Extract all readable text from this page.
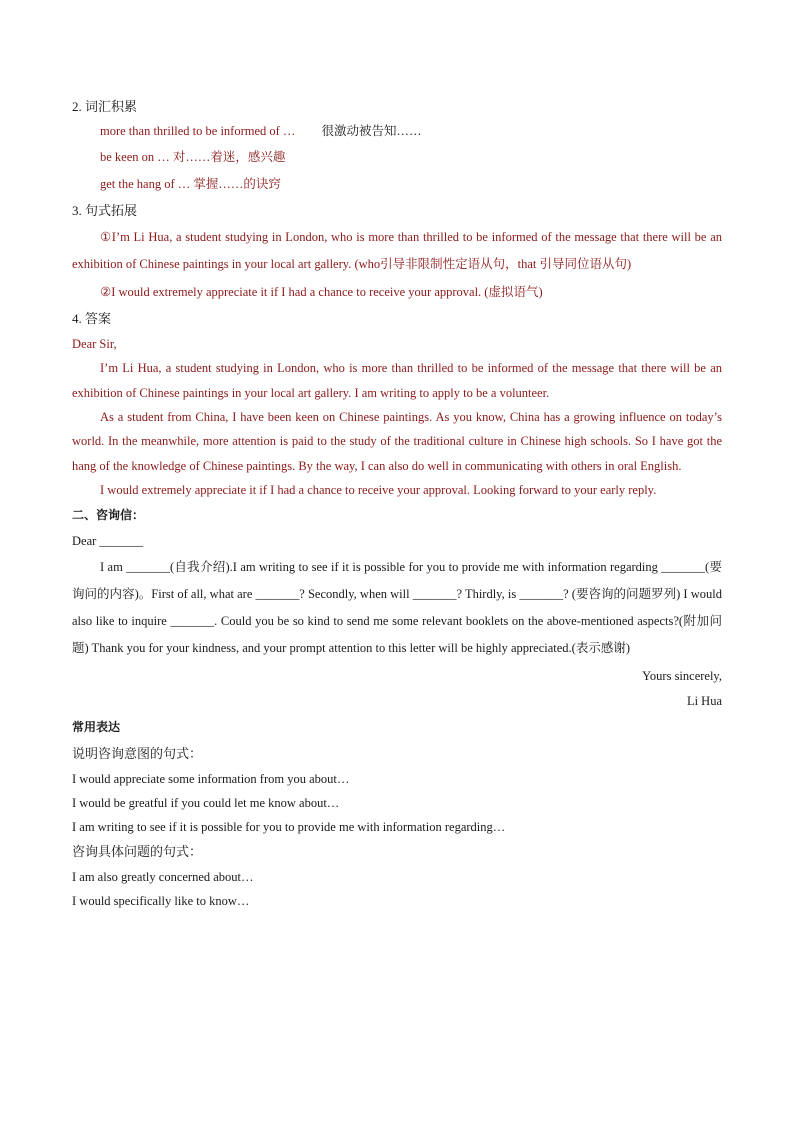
2. 词汇积累
more than thrilled to be informed of … 很激动被告知……
be keen on … 对……着迷，感兴趣
get the hang of … 掌握……的诀窍
3. 句式拓展
①I’m Li Hua, a student studying in London, who is more than thrilled to be informed of the message that there will be an exhibition of Chinese paintings in your local art gallery. (who引导非限制性定语从句，that 引导同位语从句)
②I would extremely appreciate it if I had a chance to receive your approval. (虚拟语气)
4. 答案
Dear Sir,
I’m Li Hua, a student studying in London, who is more than thrilled to be informed of the message that there will be an exhibition of Chinese paintings in your local art gallery. I am writing to apply to be a volunteer.
As a student from China, I have been keen on Chinese paintings. As you know, China has a growing influence on today’s world. In the meanwhile, more attention is paid to the study of the traditional culture in Chinese high schools. So I have got the hang of the knowledge of Chinese paintings. By the way, I can also do well in communicating with others in oral English.
I would extremely appreciate it if I had a chance to receive your approval. Looking forward to your early reply.
二、咨询信：
Dear _______
I am _______(自我介绍).I am writing to see if it is possible for you to provide me with information regarding _______(要询问的内容)。First of all, what are _______? Secondly, when will _______? Thirdly, is _______? (要咨询的问题罗列) I would also like to inquire _______. Could you be so kind to send me some relevant booklets on the above-mentioned aspects?(附加问题) Thank you for your kindness, and your prompt attention to this letter will be highly appreciated.(表示感谢)
Yours sincerely,
Li Hua
常用表达
说明咨询意图的句式：
I would appreciate some information from you about…
I would be greatful if you could let me know about…
I am writing to see if it is possible for you to provide me with information regarding…
咨询具体问题的句式：
I am also greatly concerned about…
I would specifically like to know…
